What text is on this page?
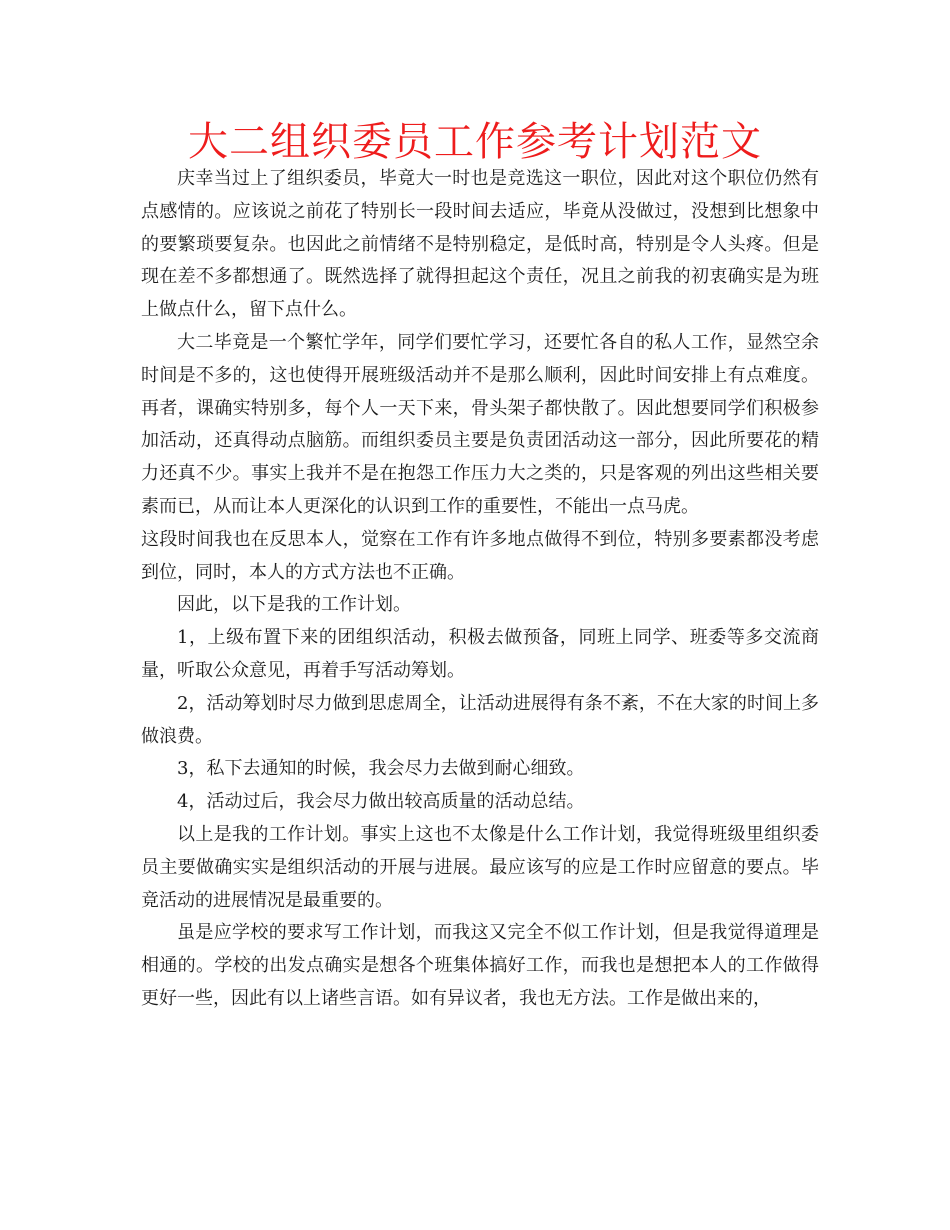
大二组织委员工作参考计划范文

庆幸当过上了组织委员，毕竟大一时也是竞选这一职位，因此对这个职位仍然有点感情的。应该说之前花了特别长一段时间去适应，毕竟从没做过，没想到比想象中的要繁琐要复杂。也因此之前情绪不是特别稳定，是低时高，特别是令人头疼。但是现在差不多都想通了。既然选择了就得担起这个责任，况且之前我的初衷确实是为班上做点什么，留下点什么。

大二毕竟是一个繁忙学年，同学们要忙学习，还要忙各自的私人工作，显然空余时间是不多的，这也使得开展班级活动并不是那么顺利，因此时间安排上有点难度。再者，课确实特别多，每个人一天下来，骨头架子都快散了。因此想要同学们积极参加活动，还真得动点脑筋。而组织委员主要是负责团活动这一部分，因此所要花的精力还真不少。事实上我并不是在抱怨工作压力大之类的，只是客观的列出这些相关要素而已，从而让本人更深化的认识到工作的重要性，不能出一点马虎。

这段时间我也在反思本人，觉察在工作有许多地点做得不到位，特别多要素都没考虑到位，同时，本人的方式方法也不正确。

因此，以下是我的工作计划。

1，上级布置下来的团组织活动，积极去做预备，同班上同学、班委等多交流商量，听取公众意见，再着手写活动筹划。

2，活动筹划时尽力做到思虑周全，让活动进展得有条不紊，不在大家的时间上多做浪费。

3，私下去通知的时候，我会尽力去做到耐心细致。

4，活动过后，我会尽力做出较高质量的活动总结。

以上是我的工作计划。事实上这也不太像是什么工作计划，我觉得班级里组织委员主要做确实实是组织活动的开展与进展。最应该写的应是工作时应留意的要点。毕竟活动的进展情况是最重要的。

虽是应学校的要求写工作计划，而我这又完全不似工作计划，但是我觉得道理是相通的。学校的出发点确实是想各个班集体搞好工作，而我也是想把本人的工作做得更好一些，因此有以上诸些言语。如有异议者，我也无方法。工作是做出来的，
